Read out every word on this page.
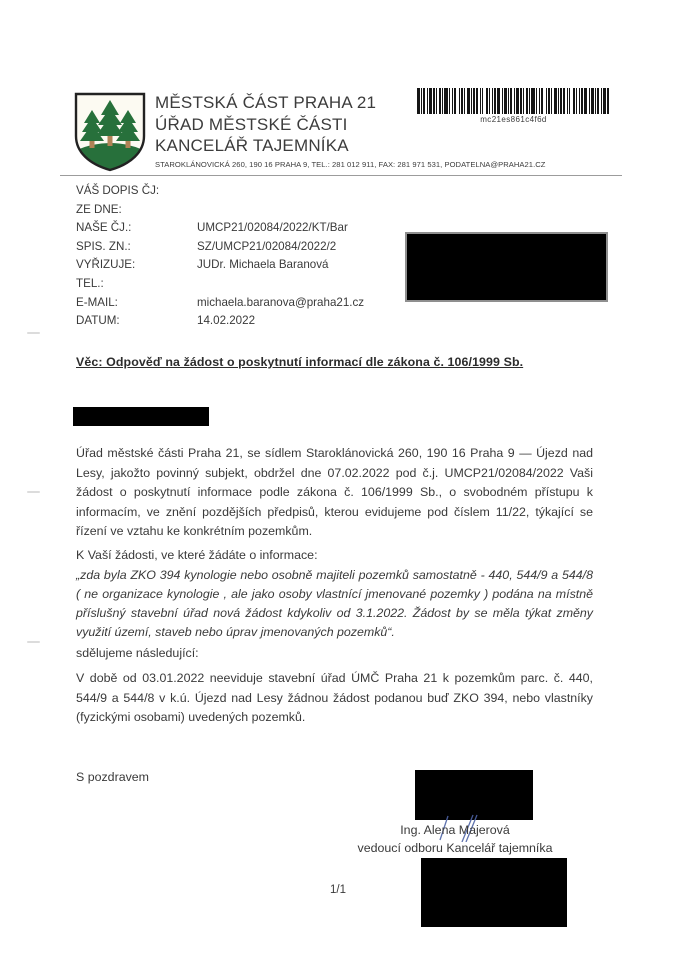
MĚSTSKÁ ČÁST PRAHA 21
ÚŘAD MĚSTSKÉ ČÁSTI
KANCELÁŘ TAJEMNÍKA
STAROKLÁNOVICKÁ 260, 190 16 PRAHA 9, TEL.: 281 012 911, FAX: 281 971 531, PODATELNA@PRAHA21.CZ
mc21es861c4f6d
VÁŠ DOPIS ČJ:
ZE DNE:
NAŠE ČJ.:	UMCP21/02084/2022/KT/Bar
SPIS. ZN.:	SZ/UMCP21/02084/2022/2
VYŘIZUJE:	JUDr. Michaela Baranová
TEL.:
E-MAIL:	michaela.baranova@praha21.cz
DATUM:	14.02.2022
Věc: Odpověď na žádost o poskytnutí informací dle zákona č. 106/1999 Sb.
Úřad městské části Praha 21, se sídlem Staroklánovická 260, 190 16 Praha 9 — Újezd nad Lesy, jakožto povinný subjekt, obdržel dne 07.02.2022 pod č.j. UMCP21/02084/2022 Vaši žádost o poskytnutí informace podle zákona č. 106/1999 Sb., o svobodném přístupu k informacím, ve znění pozdějších předpisů, kterou evidujeme pod číslem 11/22, týkající se řízení ve vztahu ke konkrétním pozemkům.
K Vaší žádosti, ve které žádáte o informace:
„zda byla ZKO 394 kynologie nebo osobně majiteli pozemků samostatně - 440, 544/9 a 544/8 ( ne organizace kynologie , ale jako osoby vlastnící jmenované pozemky ) podána na místně příslušný stavební úřad nová žádost kdykoliv od 3.1.2022. Žádost by se měla týkat změny využití území, staveb nebo úprav jmenovaných pozemků“.
sdělujeme následující:
V době od 03.01.2022 neeviduje stavební úřad ÚMČ Praha 21 k pozemkům parc. č. 440, 544/9 a 544/8 v k.ú. Újezd nad Lesy žádnou žádost podanou buď ZKO 394, nebo vlastníky (fyzickými osobami) uvedených pozemků.
S pozdravem
Ing. Alena Majerová
vedoucí odboru Kancelář tajemníka
1/1
